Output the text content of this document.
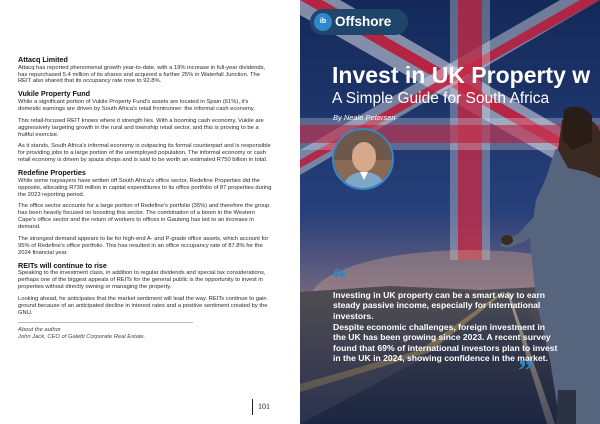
Attacq Limited

Attacq has reported phenomenal growth year-to-date, with a 19% increase in full-year dividends, has repurchased 5.4 million of its shares and acquired a further 25% in Waterfall Junction. The REIT also shared that its occupancy rate rose to 92.8%.

Vukile Property Fund

While a significant portion of Vukile Property Fund's assets are located in Spain (61%), it's domestic earnings are driven by South Africa's retail frontrunner: the informal cash economy.

This retail-focused REIT knows where it strength lies. With a booming cash economy, Vukile are aggressively targeting growth in the rural and township retail sector, and this is proving to be a fruitful exercise.

As it stands, South Africa's informal economy is outpacing its formal counterpart and is responsible for providing jobs to a large portion of the unemployed population. The informal economy or cash retail economy is driven by spaza shops and is said to be worth an estimated R750 billion in total.

Redefine Properties

While some naysayers have written off South Africa's office sector, Redefine Properties did the opposite, allocating R730 million in capital expenditures to its office portfolio of 87 properties during the 2023 reporting period.

The office sector accounts for a large portion of Redefine's portfolio (35%) and therefore the group has been heavily focused on boosting this sector. The combination of a boom in the Western Cape's office sector and the return of workers to offices in Gauteng has led to an increase in demand.

The strongest demand appears to be for high-end A- and P-grade office assets, which account for 95% of Redefine's office portfolio. This has resulted in an office occupancy rate of 87.8% for the 2024 financial year.

REITs will continue to rise

Speaking to the investment class, in addition to regular dividends and special tax considerations, perhaps one of the biggest appeals of REITs for the general public is the opportunity to invest in properties without directly owning or managing the property.

Looking ahead, he anticipates that the market sentiment will lead the way. REITs continue to gain ground because of an anticipated decline in interest rates and a positive sentiment created by the GNU.

About the author

John Jack, CEO of Galetti Corporate Real Estate.

101
ib Offshore
Invest in UK Property w
A Simple Guide for South Africa
By Neale Petersen
“

Investing in UK property can be a smart way to earn steady passive income, especially for international investors.

Despite economic challenges, foreign investment in the UK has been growing since 2023. A recent survey found that 69% of international investors plan to invest in the UK in 2024, showing confidence in the market.

”
